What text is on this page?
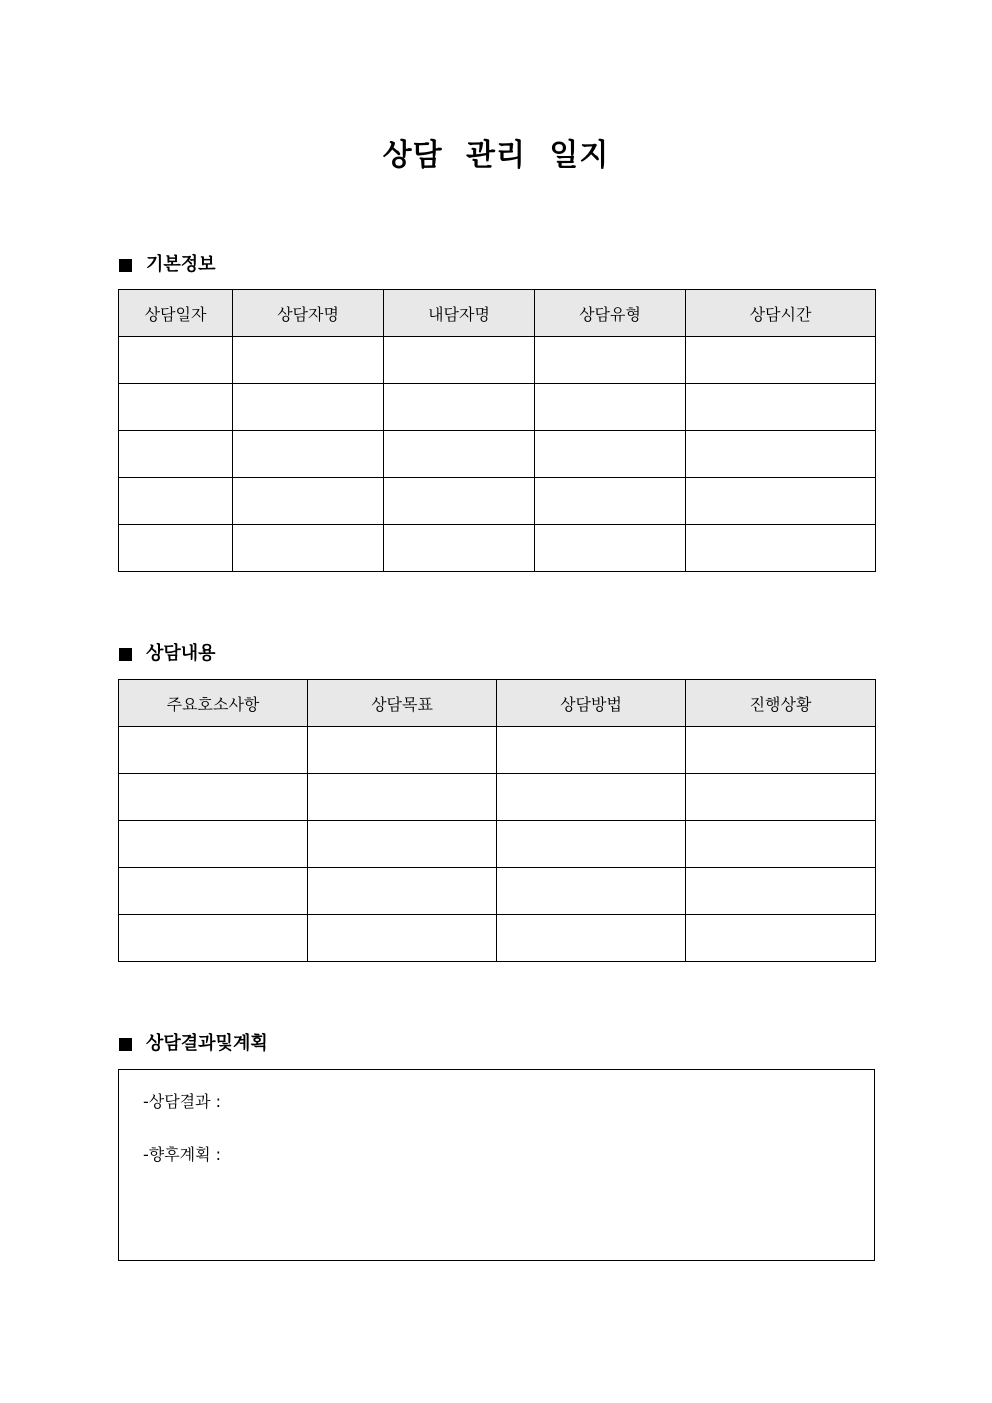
상담 관리 일지
기본정보
상담일자	상담자명	내담자명	상담유형	상담시간

상담내용
주요호소사항	상담목표	상담방법	진행상황

상담결과및계획
-상담결과 :
-향후계획 :
